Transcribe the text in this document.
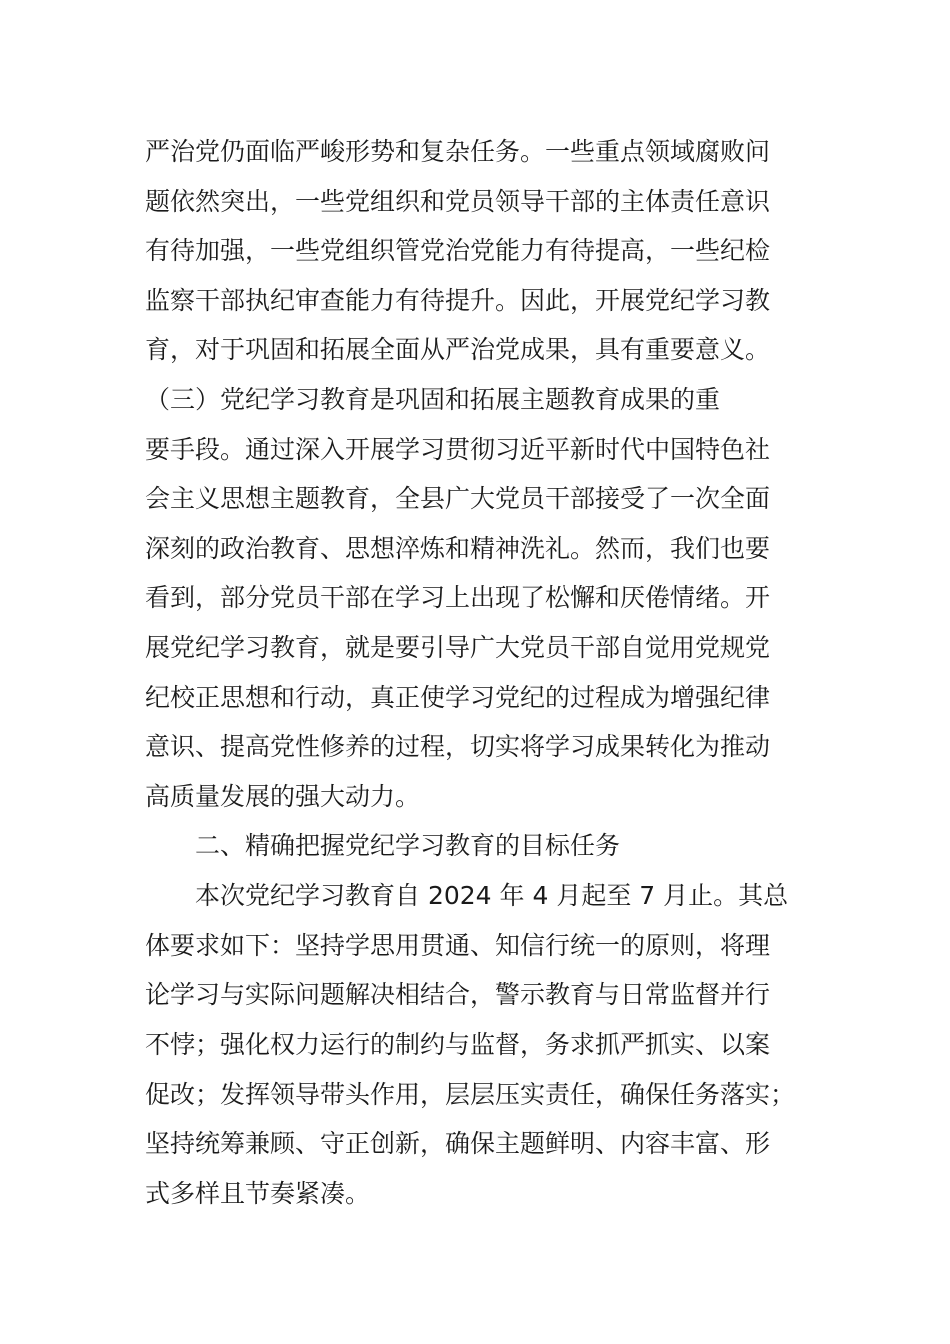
严治党仍面临严峻形势和复杂任务。一些重点领域腐败问
题依然突出，一些党组织和党员领导干部的主体责任意识
有待加强，一些党组织管党治党能力有待提高，一些纪检
监察干部执纪审查能力有待提升。因此，开展党纪学习教
育，对于巩固和拓展全面从严治党成果，具有重要意义。
（三）党纪学习教育是巩固和拓展主题教育成果的重
要手段。通过深入开展学习贯彻习近平新时代中国特色社
会主义思想主题教育，全县广大党员干部接受了一次全面
深刻的政治教育、思想淬炼和精神洗礼。然而，我们也要
看到，部分党员干部在学习上出现了松懈和厌倦情绪。开
展党纪学习教育，就是要引导广大党员干部自觉用党规党
纪校正思想和行动，真正使学习党纪的过程成为增强纪律
意识、提高党性修养的过程，切实将学习成果转化为推动
高质量发展的强大动力。
二、精确把握党纪学习教育的目标任务
本次党纪学习教育自 2024 年 4 月起至 7 月止。其总
体要求如下：坚持学思用贯通、知信行统一的原则，将理
论学习与实际问题解决相结合，警示教育与日常监督并行
不悖；强化权力运行的制约与监督，务求抓严抓实、以案
促改；发挥领导带头作用，层层压实责任，确保任务落实；
坚持统筹兼顾、守正创新，确保主题鲜明、内容丰富、形
式多样且节奏紧凑。
